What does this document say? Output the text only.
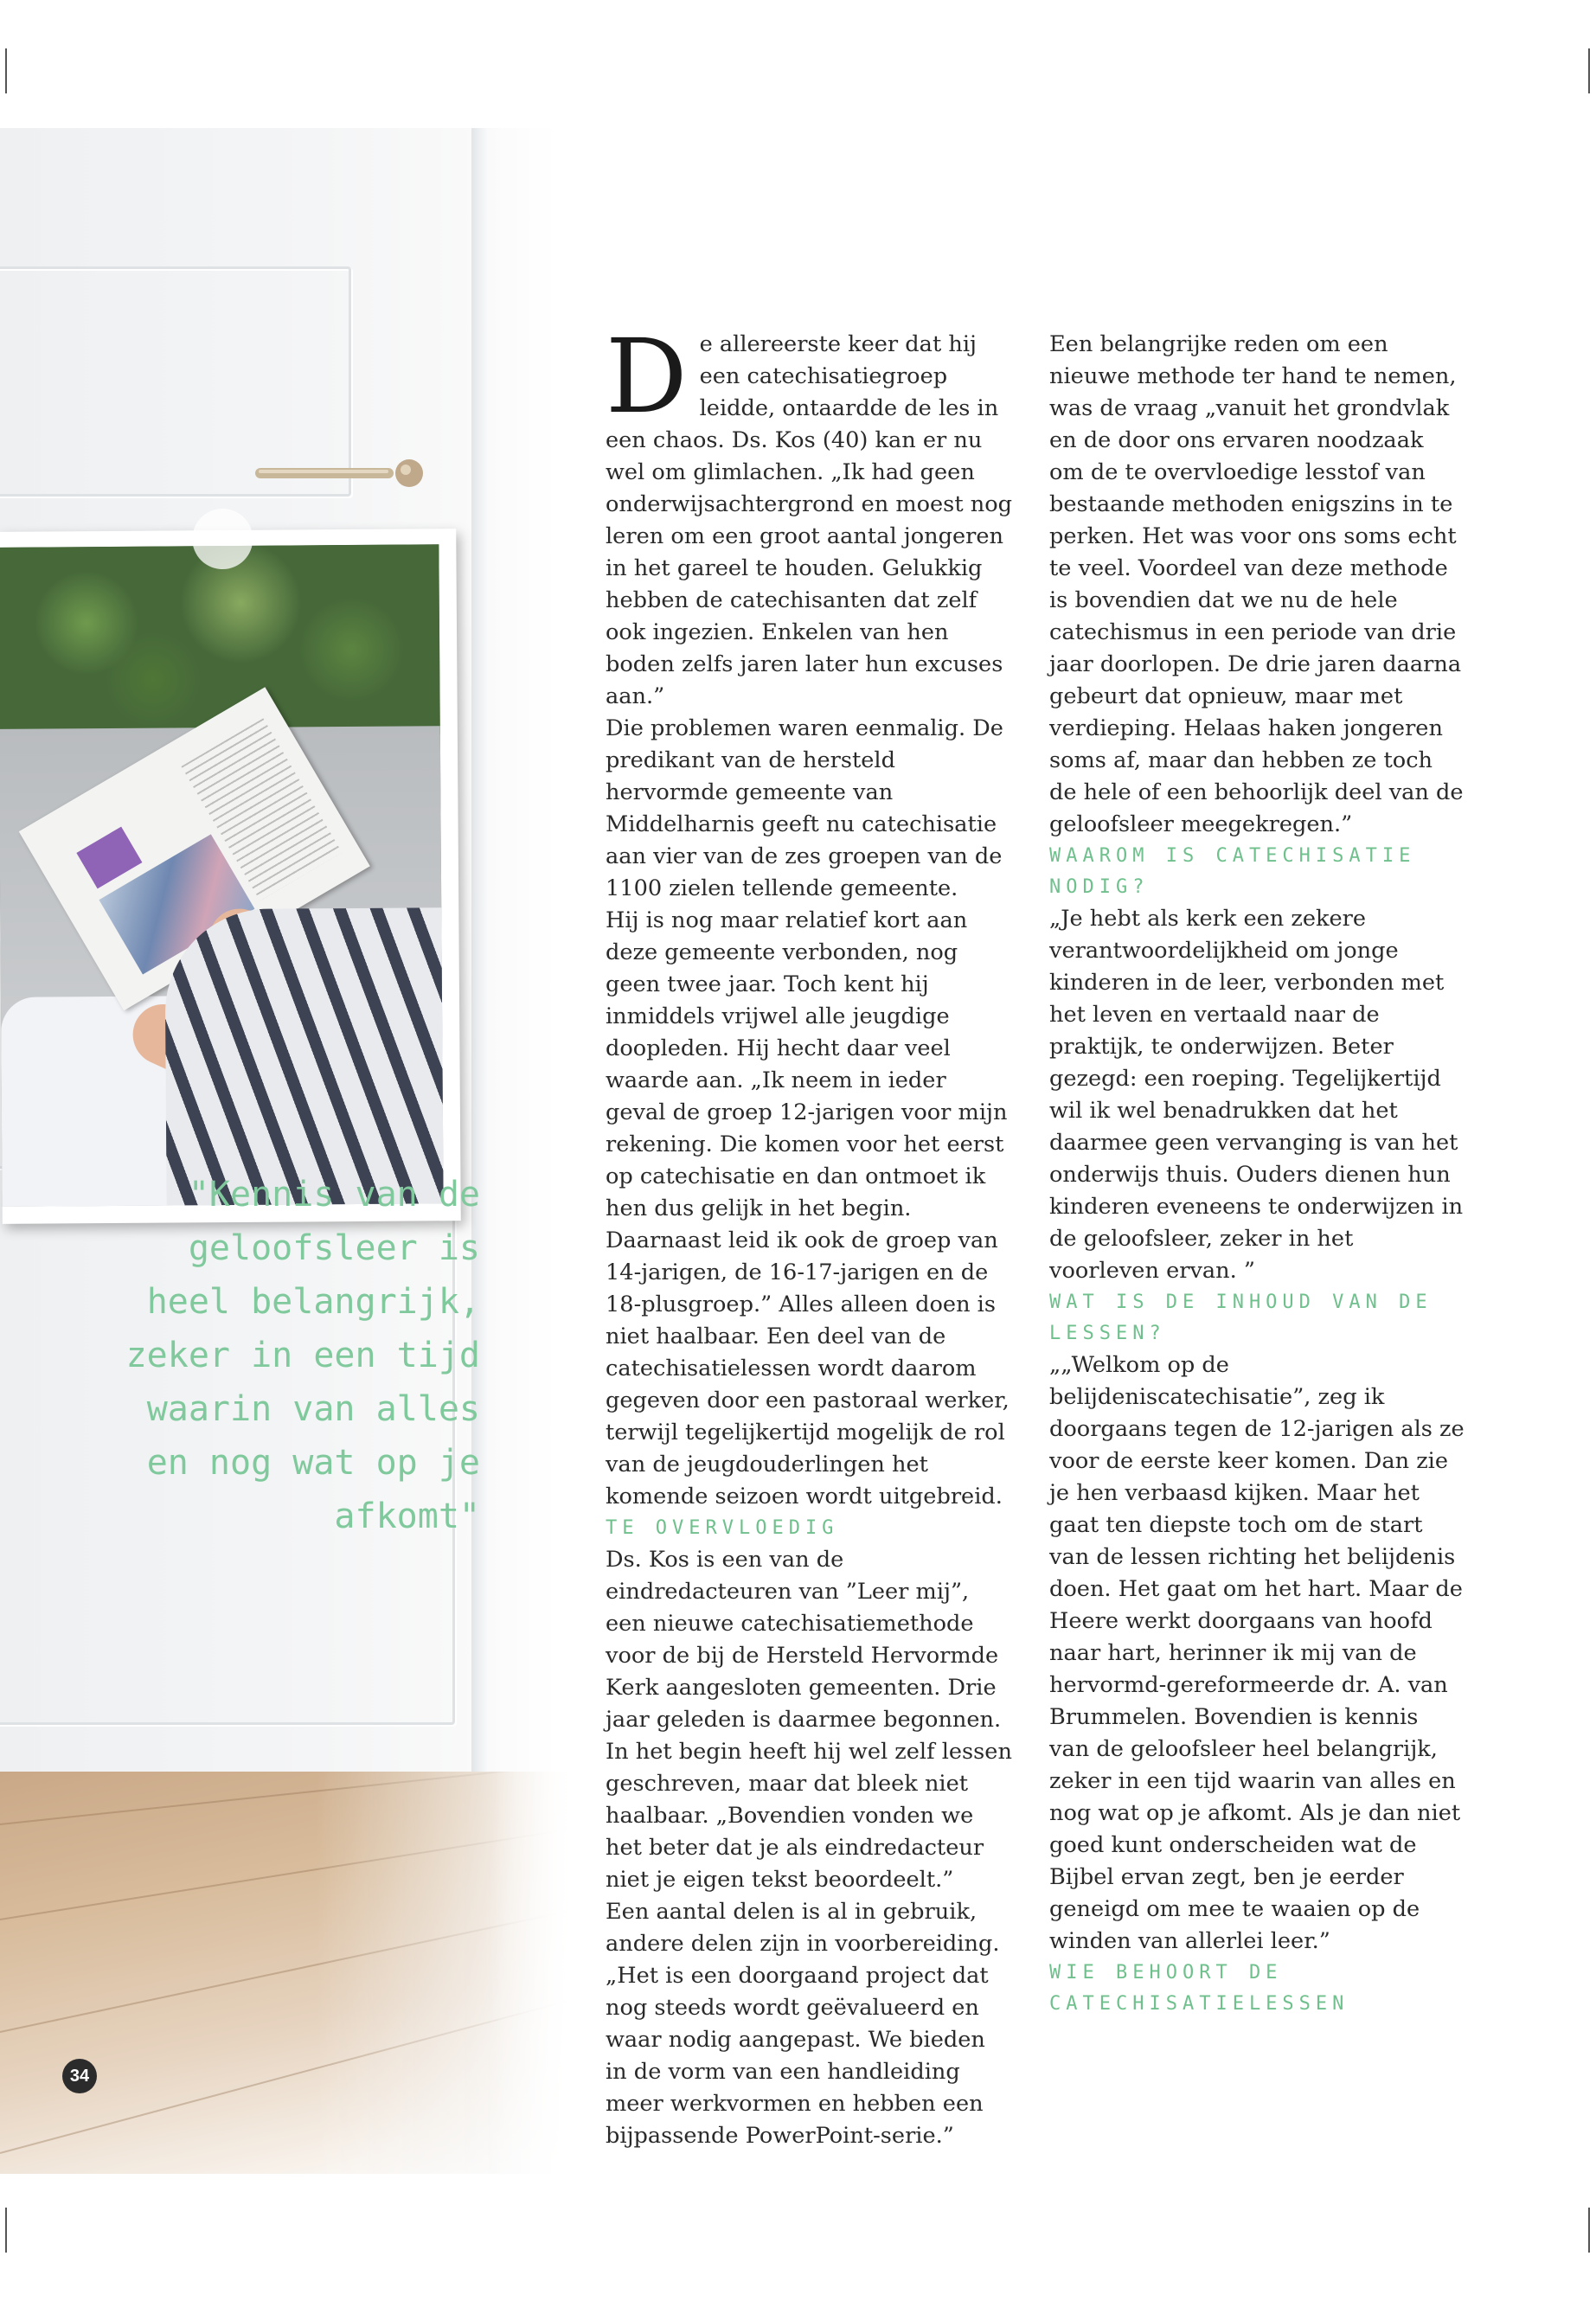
"Kennis van de geloofsleer is heel belangrijk, zeker in een tijd waarin van alles en nog wat op je afkomt"

34

De allereerste keer dat hij een catechisatiegroep leidde, ontaardde de les in een chaos. Ds. Kos (40) kan er nu wel om glimlachen. „Ik had geen onderwijsachtergrond en moest nog leren om een groot aantal jongeren in het gareel te houden. Gelukkig hebben de catechisanten dat zelf ook ingezien. Enkelen van hen boden zelfs jaren later hun excuses aan.”

Die problemen waren eenmalig. De predikant van de hersteld hervormde gemeente van Middelharnis geeft nu catechisatie aan vier van de zes groepen van de 1100 zielen tellende gemeente.

Hij is nog maar relatief kort aan deze gemeente verbonden, nog geen twee jaar. Toch kent hij inmiddels vrijwel alle jeugdige doopleden. Hij hecht daar veel waarde aan. „Ik neem in ieder geval de groep 12-jarigen voor mijn rekening. Die komen voor het eerst op catechisatie en dan ontmoet ik hen dus gelijk in het begin. Daarnaast leid ik ook de groep van 14-jarigen, de 16-17-jarigen en de 18-plusgroep.” Alles alleen doen is niet haalbaar. Een deel van de catechisatielessen wordt daarom gegeven door een pastoraal werker, terwijl tegelijkertijd mogelijk de rol van de jeugdouderlingen het komende seizoen wordt uitgebreid.

TE OVERVLOEDIG

Ds. Kos is een van de eindredacteuren van ”Leer mij”, een nieuwe catechisatiemethode voor de bij de Hersteld Hervormde Kerk aangesloten gemeenten. Drie jaar geleden is daarmee begonnen. In het begin heeft hij wel zelf lessen geschreven, maar dat bleek niet haalbaar. „Bovendien vonden we het beter dat je als eindredacteur niet je eigen tekst beoordeelt.”

Een aantal delen is al in gebruik, andere delen zijn in voorbereiding. „Het is een doorgaand project dat nog steeds wordt geëvalueerd en waar nodig aangepast. We bieden in de vorm van een handleiding meer werkvormen en hebben een bijpassende PowerPoint-serie.”

Een belangrijke reden om een nieuwe methode ter hand te nemen, was de vraag „vanuit het grondvlak en de door ons ervaren noodzaak om de te overvloedige lesstof van bestaande methoden enigszins in te perken. Het was voor ons soms echt te veel. Voordeel van deze methode is bovendien dat we nu de hele catechismus in een periode van drie jaar doorlopen. De drie jaren daarna gebeurt dat opnieuw, maar met verdieping. Helaas haken jongeren soms af, maar dan hebben ze toch de hele of een behoorlijk deel van de geloofsleer meegekregen.”

WAAROM IS CATECHISATIE NODIG?

„Je hebt als kerk een zekere verantwoordelijkheid om jonge kinderen in de leer, verbonden met het leven en vertaald naar de praktijk, te onderwijzen. Beter gezegd: een roeping. Tegelijkertijd wil ik wel benadrukken dat het daarmee geen vervanging is van het onderwijs thuis. Ouders dienen hun kinderen eveneens te onderwijzen in de geloofsleer, zeker in het voorleven ervan. ”

WAT IS DE INHOUD VAN DE LESSEN?

„„Welkom op de belijdeniscatechisatie”, zeg ik doorgaans tegen de 12-jarigen als ze voor de eerste keer komen. Dan zie je hen verbaasd kijken. Maar het gaat ten diepste toch om de start van de lessen richting het belijdenis doen. Het gaat om het hart. Maar de Heere werkt doorgaans van hoofd naar hart, herinner ik mij van de hervormd-gereformeerde dr. A. van Brummelen. Bovendien is kennis van de geloofsleer heel belangrijk, zeker in een tijd waarin van alles en nog wat op je afkomt. Als je dan niet goed kunt onderscheiden wat de Bijbel ervan zegt, ben je eerder geneigd om mee te waaien op de winden van allerlei leer.”

WIE BEHOORT DE CATECHISATIELESSEN
